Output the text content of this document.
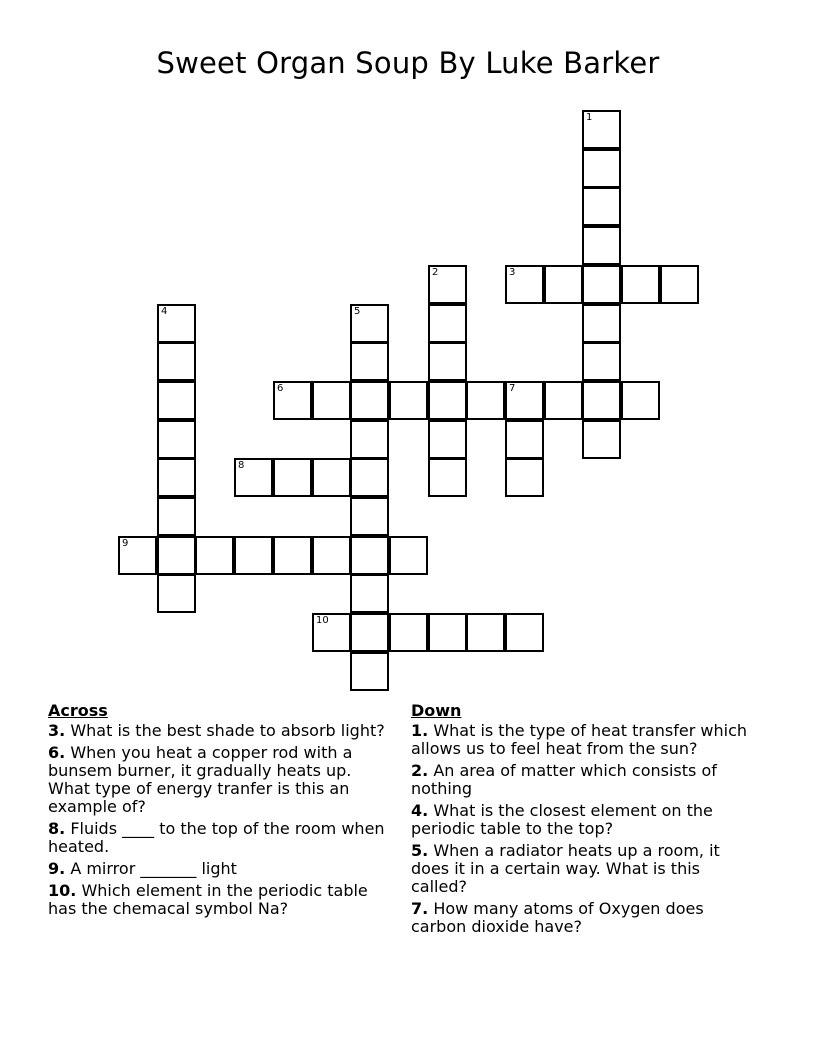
Sweet Organ Soup By Luke Barker
1
2	3
4	5
6	7
8
9
10
Across
3. What is the best shade to absorb light?
6. When you heat a copper rod with a bunsem burner, it gradually heats up. What type of energy tranfer is this an example of?
8. Fluids ____ to the top of the room when heated.
9. A mirror _______ light
10. Which element in the periodic table has the chemacal symbol Na?
Down
1. What is the type of heat transfer which allows us to feel heat from the sun?
2. An area of matter which consists of nothing
4. What is the closest element on the periodic table to the top?
5. When a radiator heats up a room, it does it in a certain way. What is this called?
7. How many atoms of Oxygen does carbon dioxide have?
